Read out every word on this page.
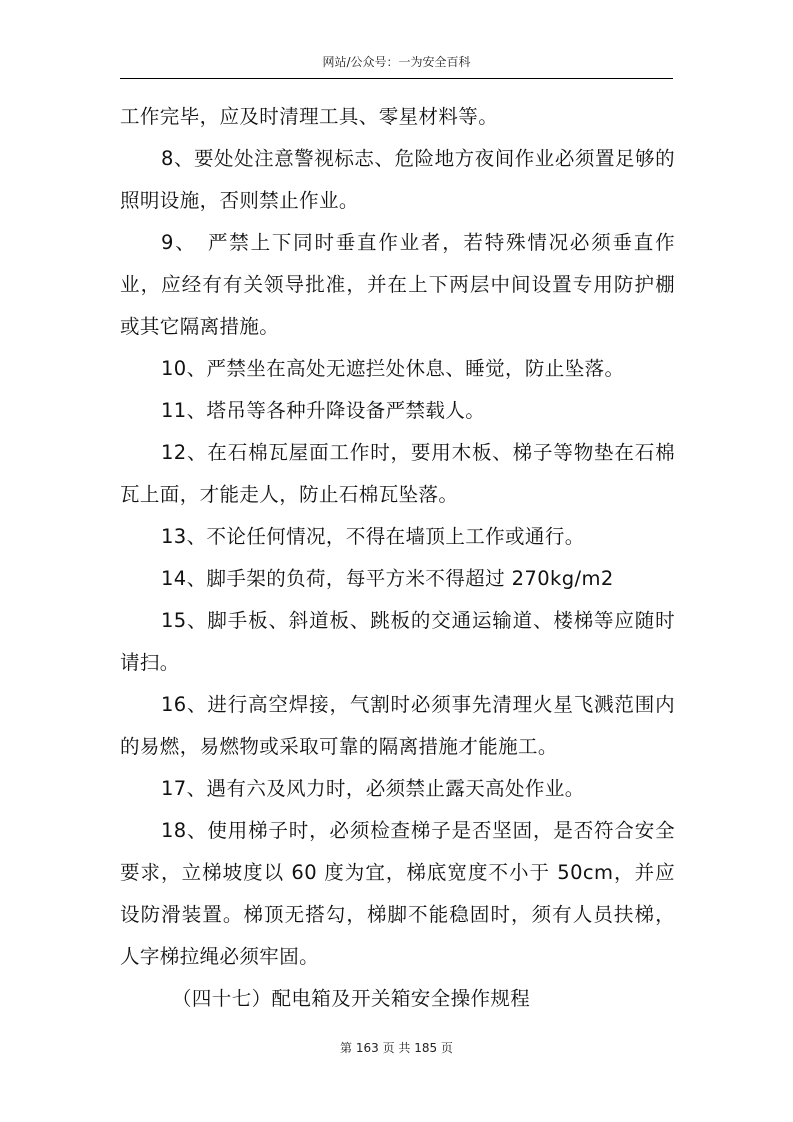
网站/公众号：一为安全百科

工作完毕，应及时清理工具、零星材料等。

8、要处处注意警视标志、危险地方夜间作业必须置足够的照明设施，否则禁止作业。

9、　严禁上下同时垂直作业者，若特殊情况必须垂直作业，应经有有关领导批准，并在上下两层中间设置专用防护棚或其它隔离措施。

10、严禁坐在高处无遮拦处休息、睡觉，防止坠落。

11、塔吊等各种升降设备严禁载人。

12、在石棉瓦屋面工作时，要用木板、梯子等物垫在石棉瓦上面，才能走人，防止石棉瓦坠落。

13、不论任何情况，不得在墙顶上工作或通行。

14、脚手架的负荷，每平方米不得超过 270kg/m2

15、脚手板、斜道板、跳板的交通运输道、楼梯等应随时请扫。

16、进行高空焊接，气割时必须事先清理火星飞溅范围内的易燃，易燃物或采取可靠的隔离措施才能施工。

17、遇有六及风力时，必须禁止露天高处作业。

18、使用梯子时，必须检查梯子是否坚固，是否符合安全要求，立梯坡度以 60 度为宜，梯底宽度不小于 50cm，并应设防滑装置。梯顶无搭勾，梯脚不能稳固时，须有人员扶梯，人字梯拉绳必须牢固。

（四十七）配电箱及开关箱安全操作规程

第 163 页 共 185 页
